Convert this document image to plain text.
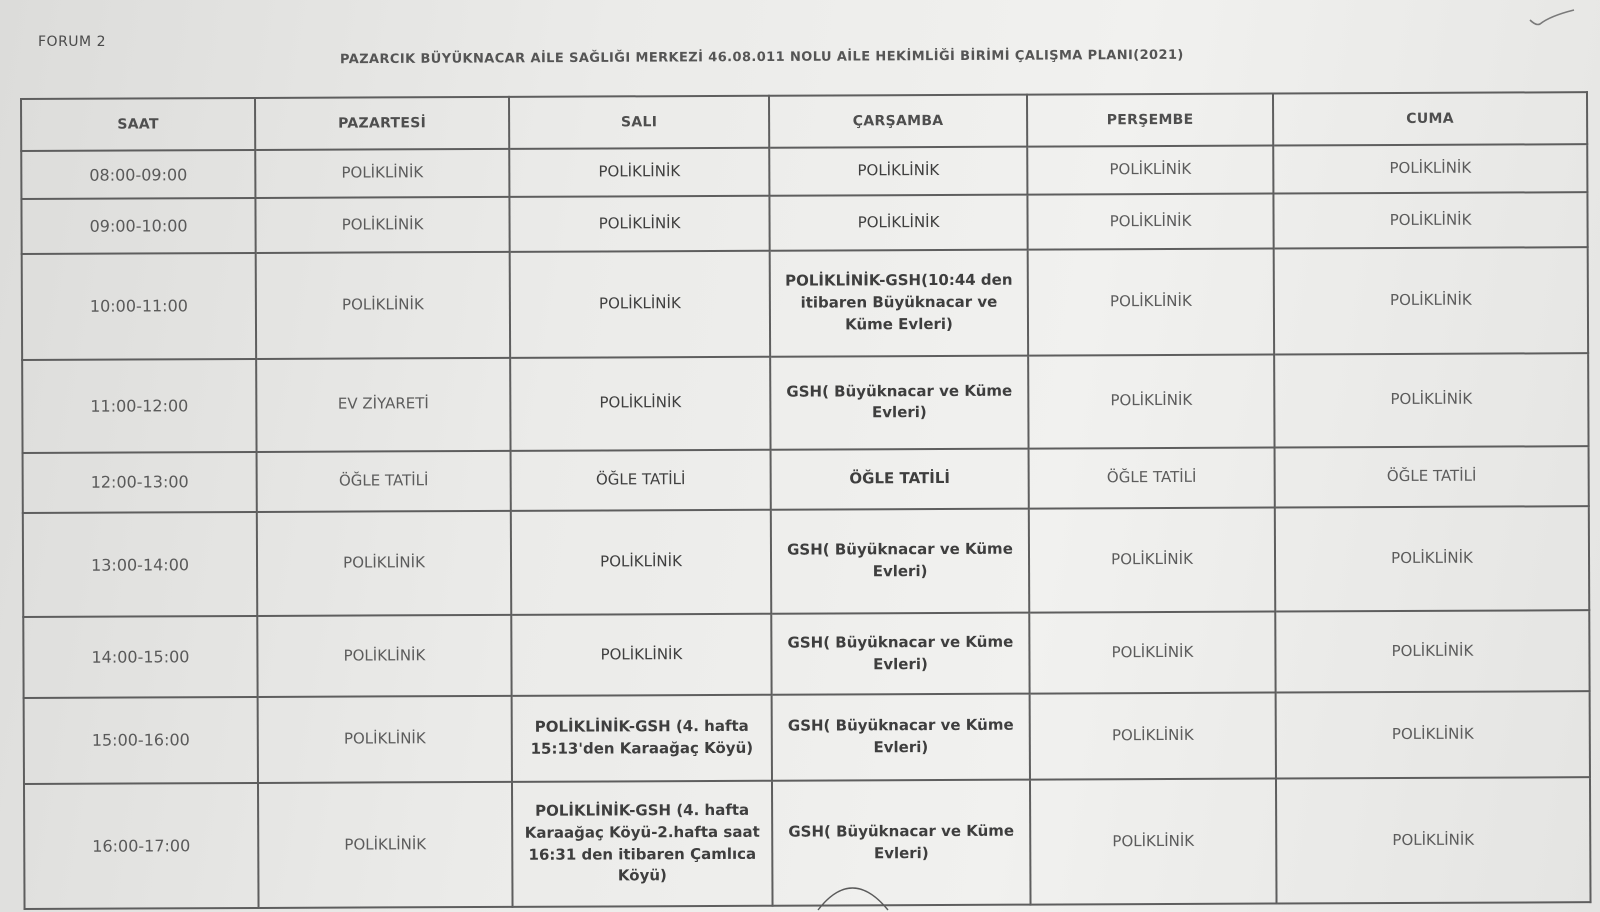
FORUM 2
PAZARCIK BÜYÜKNACAR AİLE SAĞLIĞI MERKEZİ 46.08.011 NOLU AİLE HEKİMLİĞİ BİRİMİ ÇALIŞMA PLANI(2021)
SAAT	PAZARTESİ	SALI	ÇARŞAMBA	PERŞEMBE	CUMA
08:00-09:00	POLİKLİNİK	POLİKLİNİK	POLİKLİNİK	POLİKLİNİK	POLİKLİNİK
09:00-10:00	POLİKLİNİK	POLİKLİNİK	POLİKLİNİK	POLİKLİNİK	POLİKLİNİK
10:00-11:00	POLİKLİNİK	POLİKLİNİK	POLİKLİNİK-GSH(10:44 den itibaren Büyüknacar ve Küme Evleri)	POLİKLİNİK	POLİKLİNİK
11:00-12:00	EV ZİYARETİ	POLİKLİNİK	GSH( Büyüknacar ve Küme Evleri)	POLİKLİNİK	POLİKLİNİK
12:00-13:00	ÖĞLE TATİLİ	ÖĞLE TATİLİ	ÖĞLE TATİLİ	ÖĞLE TATİLİ	ÖĞLE TATİLİ
13:00-14:00	POLİKLİNİK	POLİKLİNİK	GSH( Büyüknacar ve Küme Evleri)	POLİKLİNİK	POLİKLİNİK
14:00-15:00	POLİKLİNİK	POLİKLİNİK	GSH( Büyüknacar ve Küme Evleri)	POLİKLİNİK	POLİKLİNİK
15:00-16:00	POLİKLİNİK	POLİKLİNİK-GSH (4. hafta 15:13'den Karaağaç Köyü)	GSH( Büyüknacar ve Küme Evleri)	POLİKLİNİK	POLİKLİNİK
16:00-17:00	POLİKLİNİK	POLİKLİNİK-GSH (4. hafta Karaağaç Köyü-2.hafta saat 16:31 den itibaren Çamlıca Köyü)	GSH( Büyüknacar ve Küme Evleri)	POLİKLİNİK	POLİKLİNİK
